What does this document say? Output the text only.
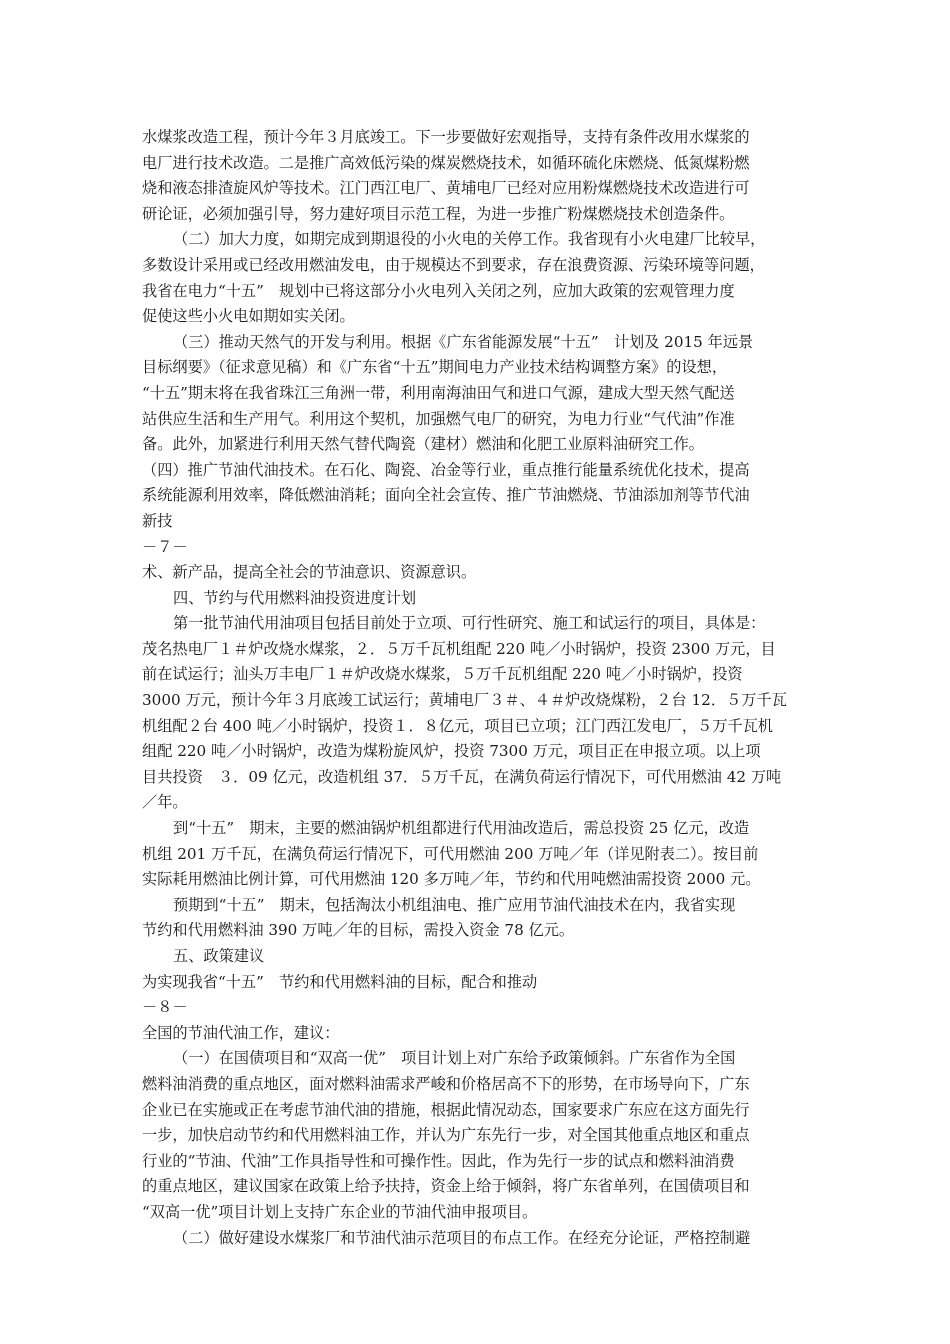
水煤浆改造工程，预计今年３月底竣工。下一步要做好宏观指导，支持有条件改用水煤浆的
电厂进行技术改造。二是推广高效低污染的煤炭燃烧技术，如循环硫化床燃烧、低氮煤粉燃
烧和液态排渣旋风炉等技术。江门西江电厂、黄埔电厂已经对应用粉煤燃烧技术改造进行可
研论证，必须加强引导，努力建好项目示范工程，为进一步推广粉煤燃烧技术创造条件。
（二）加大力度，如期完成到期退役的小火电的关停工作。我省现有小火电建厂比较早，
多数设计采用或已经改用燃油发电，由于规模达不到要求，存在浪费资源、污染环境等问题，
我省在电力“十五”　规划中已将这部分小火电列入关闭之列，应加大政策的宏观管理力度
促使这些小火电如期如实关闭。
（三）推动天然气的开发与利用。根据《广东省能源发展“十五”　计划及 2015 年远景
目标纲要》（征求意见稿）和《广东省“十五”期间电力产业技术结构调整方案》的设想，
“十五”期末将在我省珠江三角洲一带，利用南海油田气和进口气源，建成大型天然气配送
站供应生活和生产用气。利用这个契机，加强燃气电厂的研究，为电力行业“气代油”作准
备。此外，加紧进行利用天然气替代陶瓷（建材）燃油和化肥工业原料油研究工作。
（四）推广节油代油技术。在石化、陶瓷、冶金等行业，重点推行能量系统优化技术，提高
系统能源利用效率，降低燃油消耗；面向全社会宣传、推广节油燃烧、节油添加剂等节代油
新技
－７－
术、新产品，提高全社会的节油意识、资源意识。
四、节约与代用燃料油投资进度计划
第一批节油代用油项目包括目前处于立项、可行性研究、施工和试运行的项目，具体是：
茂名热电厂１＃炉改烧水煤浆，２．５万千瓦机组配 220 吨／小时锅炉，投资 2300 万元，目
前在试运行；汕头万丰电厂１＃炉改烧水煤浆，５万千瓦机组配 220 吨／小时锅炉，投资
3000 万元，预计今年３月底竣工试运行；黄埔电厂３＃、４＃炉改烧煤粉，２台 12．５万千瓦
机组配２台 400 吨／小时锅炉，投资１．８亿元，项目已立项；江门西江发电厂，５万千瓦机
组配 220 吨／小时锅炉，改造为煤粉旋风炉，投资 7300 万元，项目正在申报立项。以上项
目共投资　３．09 亿元，改造机组 37．５万千瓦，在满负荷运行情况下，可代用燃油 42 万吨
／年。
到“十五”　期末，主要的燃油锅炉机组都进行代用油改造后，需总投资 25 亿元，改造
机组 201 万千瓦，在满负荷运行情况下，可代用燃油 200 万吨／年（详见附表二）。按目前
实际耗用燃油比例计算，可代用燃油 120 多万吨／年，节约和代用吨燃油需投资 2000 元。
预期到“十五”　期末，包括淘汰小机组油电、推广应用节油代油技术在内，我省实现
节约和代用燃料油 390 万吨／年的目标，需投入资金 78 亿元。
五、政策建议
为实现我省“十五”　节约和代用燃料油的目标，配合和推动
－８－
全国的节油代油工作，建议：
（一）在国债项目和“双高一优”　项目计划上对广东给予政策倾斜。广东省作为全国
燃料油消费的重点地区，面对燃料油需求严峻和价格居高不下的形势，在市场导向下，广东
企业已在实施或正在考虑节油代油的措施，根据此情况动态，国家要求广东应在这方面先行
一步，加快启动节约和代用燃料油工作，并认为广东先行一步，对全国其他重点地区和重点
行业的“节油、代油”工作具指导性和可操作性。因此，作为先行一步的试点和燃料油消费
的重点地区，建议国家在政策上给予扶持，资金上给于倾斜，将广东省单列，在国债项目和
“双高一优”项目计划上支持广东企业的节油代油申报项目。
（二）做好建设水煤浆厂和节油代油示范项目的布点工作。在经充分论证，严格控制避
